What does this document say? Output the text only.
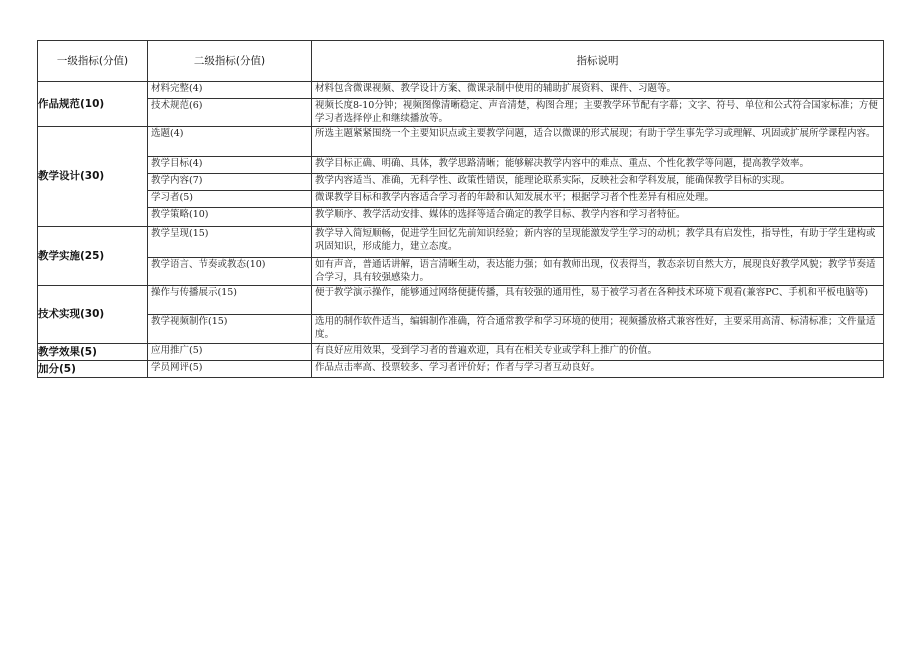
一级指标(分值)	二级指标(分值)	指标说明
作品规范(10)	材料完整(4)	材料包含微课视频、教学设计方案、微课录制中使用的辅助扩展资料、课件、习题等。
	技术规范(6)	视频长度8-10分钟；视频图像清晰稳定、声音清楚，构图合理；主要教学环节配有字幕；文字、符号、单位和公式符合国家标准；方便学习者选择停止和继续播放等。
教学设计(30)	选题(4)	所选主题紧紧围绕一个主要知识点或主要教学问题，适合以微课的形式展现；有助于学生事先学习或理解、巩固或扩展所学课程内容。
	教学目标(4)	教学目标正确、明确、具体，教学思路清晰；能够解决教学内容中的难点、重点、个性化教学等问题，提高教学效率。
	教学内容(7)	教学内容适当、准确，无科学性、政策性错误，能理论联系实际，反映社会和学科发展，能确保教学目标的实现。
	学习者(5)	微课教学目标和教学内容适合学习者的年龄和认知发展水平；根据学习者个性差异有相应处理。
	教学策略(10)	教学顺序、教学活动安排、媒体的选择等适合确定的教学目标、教学内容和学习者特征。
教学实施(25)	教学呈现(15)	教学导入简短顺畅，促进学生回忆先前知识经验；新内容的呈现能激发学生学习的动机；教学具有启发性，指导性，有助于学生建构或巩固知识，形成能力，建立态度。
	教学语言、节奏或教态(10)	如有声音，普通话讲解，语言清晰生动，表达能力强；如有教师出现，仪表得当，教态亲切自然大方，展现良好教学风貌；教学节奏适合学习，具有较强感染力。
技术实现(30)	操作与传播展示(15)	便于教学演示操作，能够通过网络便捷传播，具有较强的通用性，易于被学习者在各种技术环境下观看(兼容PC、手机和平板电脑等)
	教学视频制作(15)	选用的制作软件适当，编辑制作准确，符合通常教学和学习环境的使用；视频播放格式兼容性好，主要采用高清、标清标准；文件量适度。
教学效果(5)	应用推广(5)	有良好应用效果，受到学习者的普遍欢迎，具有在相关专业或学科上推广的价值。
加分(5)	学员网评(5)	作品点击率高、投票较多、学习者评价好；作者与学习者互动良好。
